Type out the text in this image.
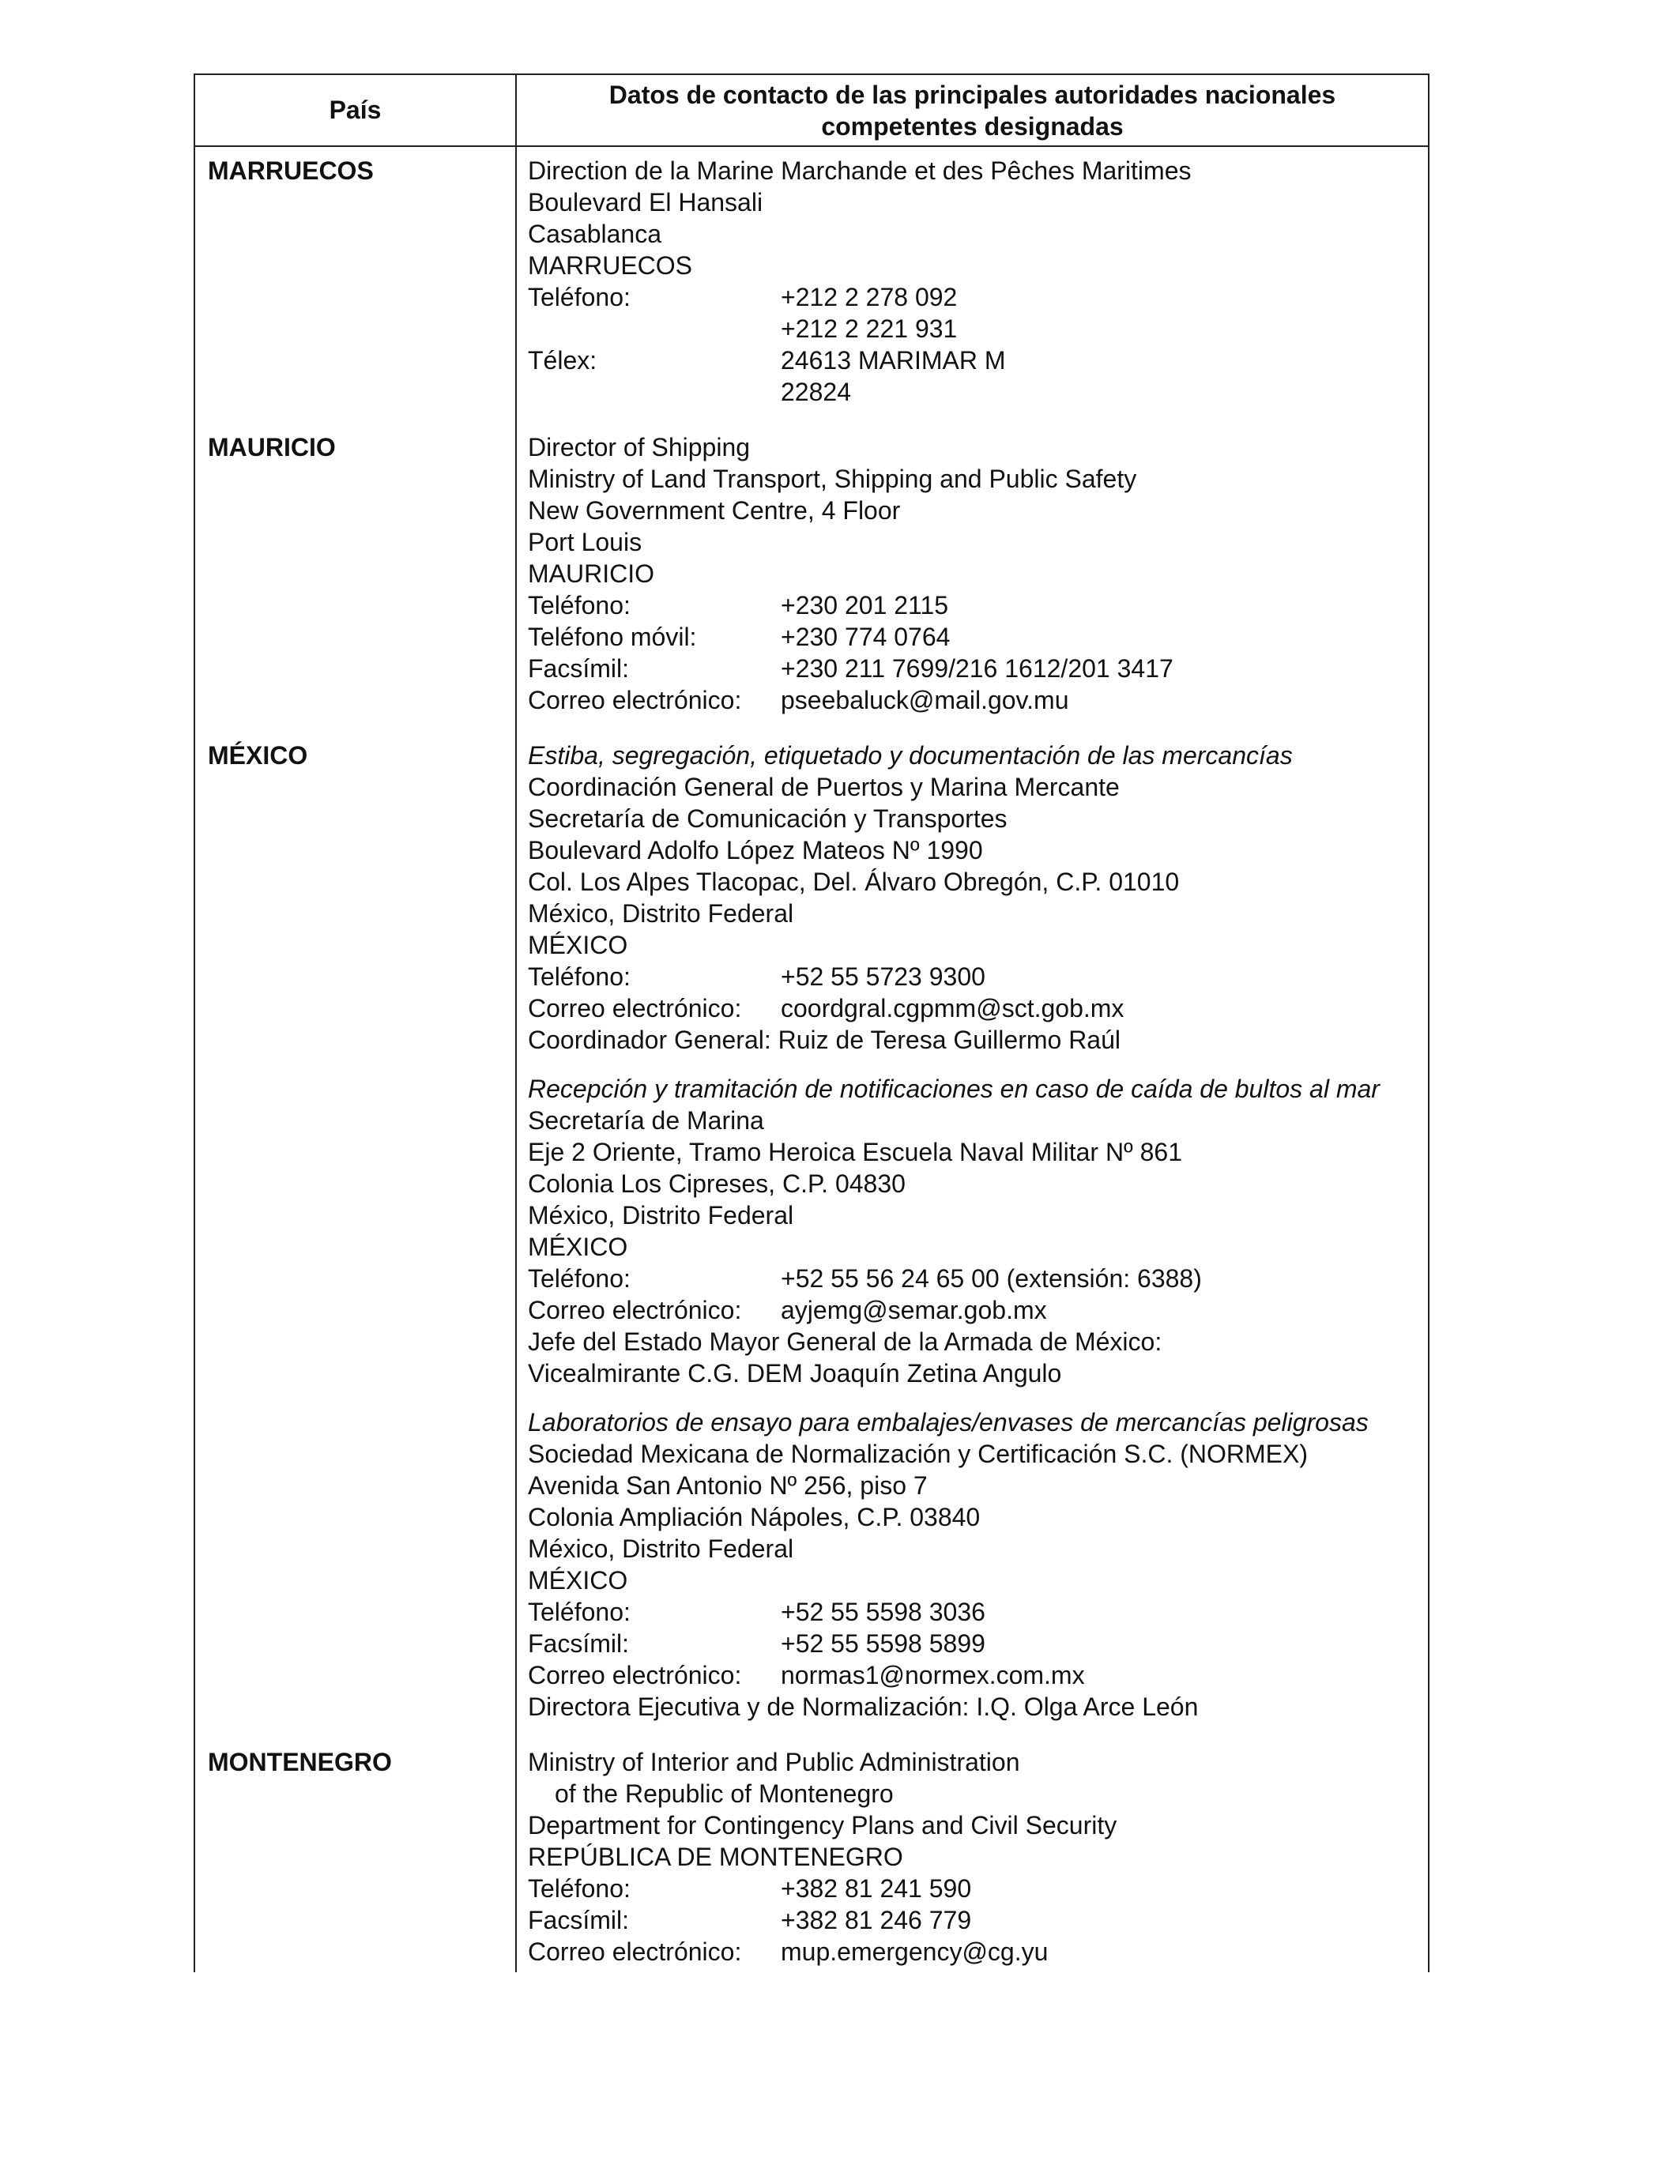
País
Datos de contacto de las principales autoridades nacionales competentes designadas
MARRUECOS	Direction de la Marine Marchande et des Pêches Maritimes
Boulevard El Hansali
Casablanca
MARRUECOS
Teléfono:	+212 2 278 092
+212 2 221 931
Télex:	24613 MARIMAR M
22824
MAURICIO	Director of Shipping
Ministry of Land Transport, Shipping and Public Safety
New Government Centre, 4 Floor
Port Louis
MAURICIO
Teléfono:	+230 201 2115
Teléfono móvil:	+230 774 0764
Facsímil:	+230 211 7699/216 1612/201 3417
Correo electrónico:	pseebaluck@mail.gov.mu
MÉXICO	Estiba, segregación, etiquetado y documentación de las mercancías
Coordinación General de Puertos y Marina Mercante
Secretaría de Comunicación y Transportes
Boulevard Adolfo López Mateos Nº 1990
Col. Los Alpes Tlacopac, Del. Álvaro Obregón, C.P. 01010
México, Distrito Federal
MÉXICO
Teléfono:	+52 55 5723 9300
Correo electrónico:	coordgral.cgpmm@sct.gob.mx
Coordinador General: Ruiz de Teresa Guillermo Raúl
Recepción y tramitación de notificaciones en caso de caída de bultos al mar
Secretaría de Marina
Eje 2 Oriente, Tramo Heroica Escuela Naval Militar Nº 861
Colonia Los Cipreses, C.P. 04830
México, Distrito Federal
MÉXICO
Teléfono:	+52 55 56 24 65 00 (extensión: 6388)
Correo electrónico:	ayjemg@semar.gob.mx
Jefe del Estado Mayor General de la Armada de México:
Vicealmirante C.G. DEM Joaquín Zetina Angulo
Laboratorios de ensayo para embalajes/envases de mercancías peligrosas
Sociedad Mexicana de Normalización y Certificación S.C. (NORMEX)
Avenida San Antonio Nº 256, piso 7
Colonia Ampliación Nápoles, C.P. 03840
México, Distrito Federal
MÉXICO
Teléfono:	+52 55 5598 3036
Facsímil:	+52 55 5598 5899
Correo electrónico:	normas1@normex.com.mx
Directora Ejecutiva y de Normalización: I.Q. Olga Arce León
MONTENEGRO	Ministry of Interior and Public Administration
of the Republic of Montenegro
Department for Contingency Plans and Civil Security
REPÚBLICA DE MONTENEGRO
Teléfono:	+382 81 241 590
Facsímil:	+382 81 246 779
Correo electrónico:	mup.emergency@cg.yu
